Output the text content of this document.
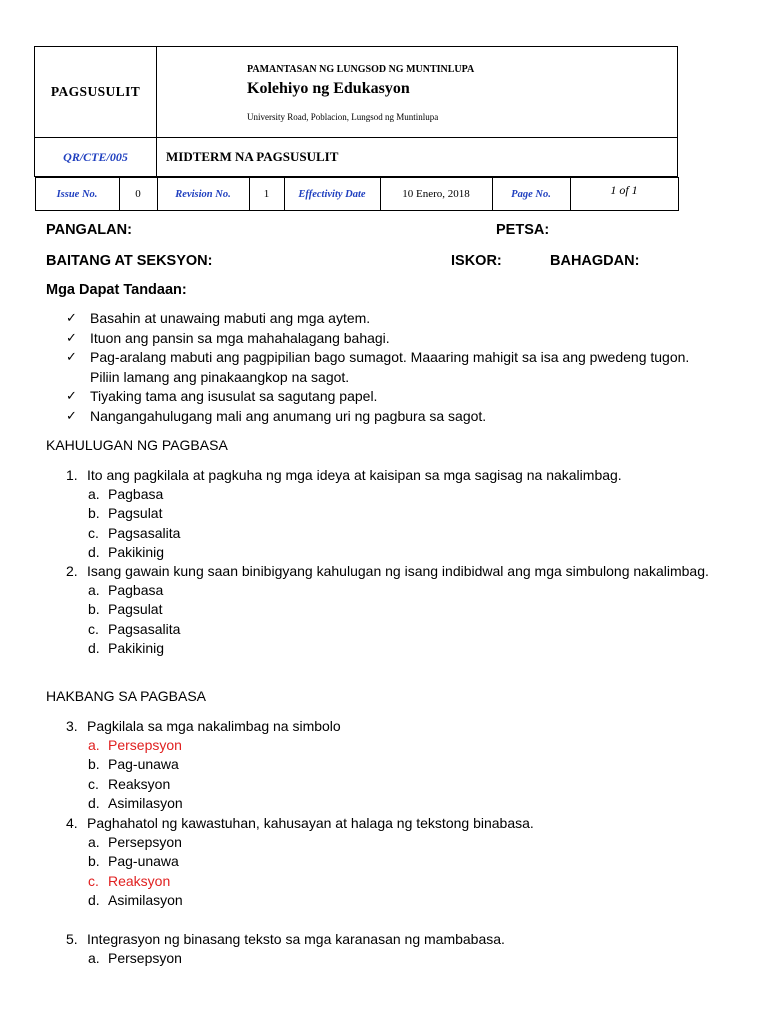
PAGSUSULIT	
PAMANTASAN NG LUNGSOD NG MUNTINLUPA
Kolehiyo ng Edukasyon
University Road, Poblacion, Lungsod ng Muntinlupa

QR/CTE/005	MIDTERM NA PAGSUSULIT

Issue No.	0	Revision No.	1	Effectivity Date	10 Enero, 2018	Page No.	1 of 1
PANGALAN:	PETSA:
BAITANG AT SEKSYON:	ISKOR:	BAHAGDAN:
Mga Dapat Tandaan:
✓ Basahin at unawaing mabuti ang mga aytem.
✓ Ituon ang pansin sa mga mahahalagang bahagi.
✓ Pag-aralang mabuti ang pagpipilian bago sumagot. Maaaring mahigit sa isa ang pwedeng tugon. Piliin lamang ang pinakaangkop na sagot.
✓ Tiyaking tama ang isusulat sa sagutang papel.
✓ Nangangahulugang mali ang anumang uri ng pagbura sa sagot.
KAHULUGAN NG PAGBASA
1. Ito ang pagkilala at pagkuha ng mga ideya at kaisipan sa mga sagisag na nakalimbag.
a. Pagbasa
b. Pagsulat
c. Pagsasalita
d. Pakikinig
2. Isang gawain kung saan binibigyang kahulugan ng isang indibidwal ang mga simbulong nakalimbag.
a. Pagbasa
b. Pagsulat
c. Pagsasalita
d. Pakikinig
HAKBANG SA PAGBASA
3. Pagkilala sa mga nakalimbag na simbolo
a. Persepsyon
b. Pag-unawa
c. Reaksyon
d. Asimilasyon
4. Paghahatol ng kawastuhan, kahusayan at halaga ng tekstong binabasa.
a. Persepsyon
b. Pag-unawa
c. Reaksyon
d. Asimilasyon
5. Integrasyon ng binasang teksto sa mga karanasan ng mambabasa.
a. Persepsyon
